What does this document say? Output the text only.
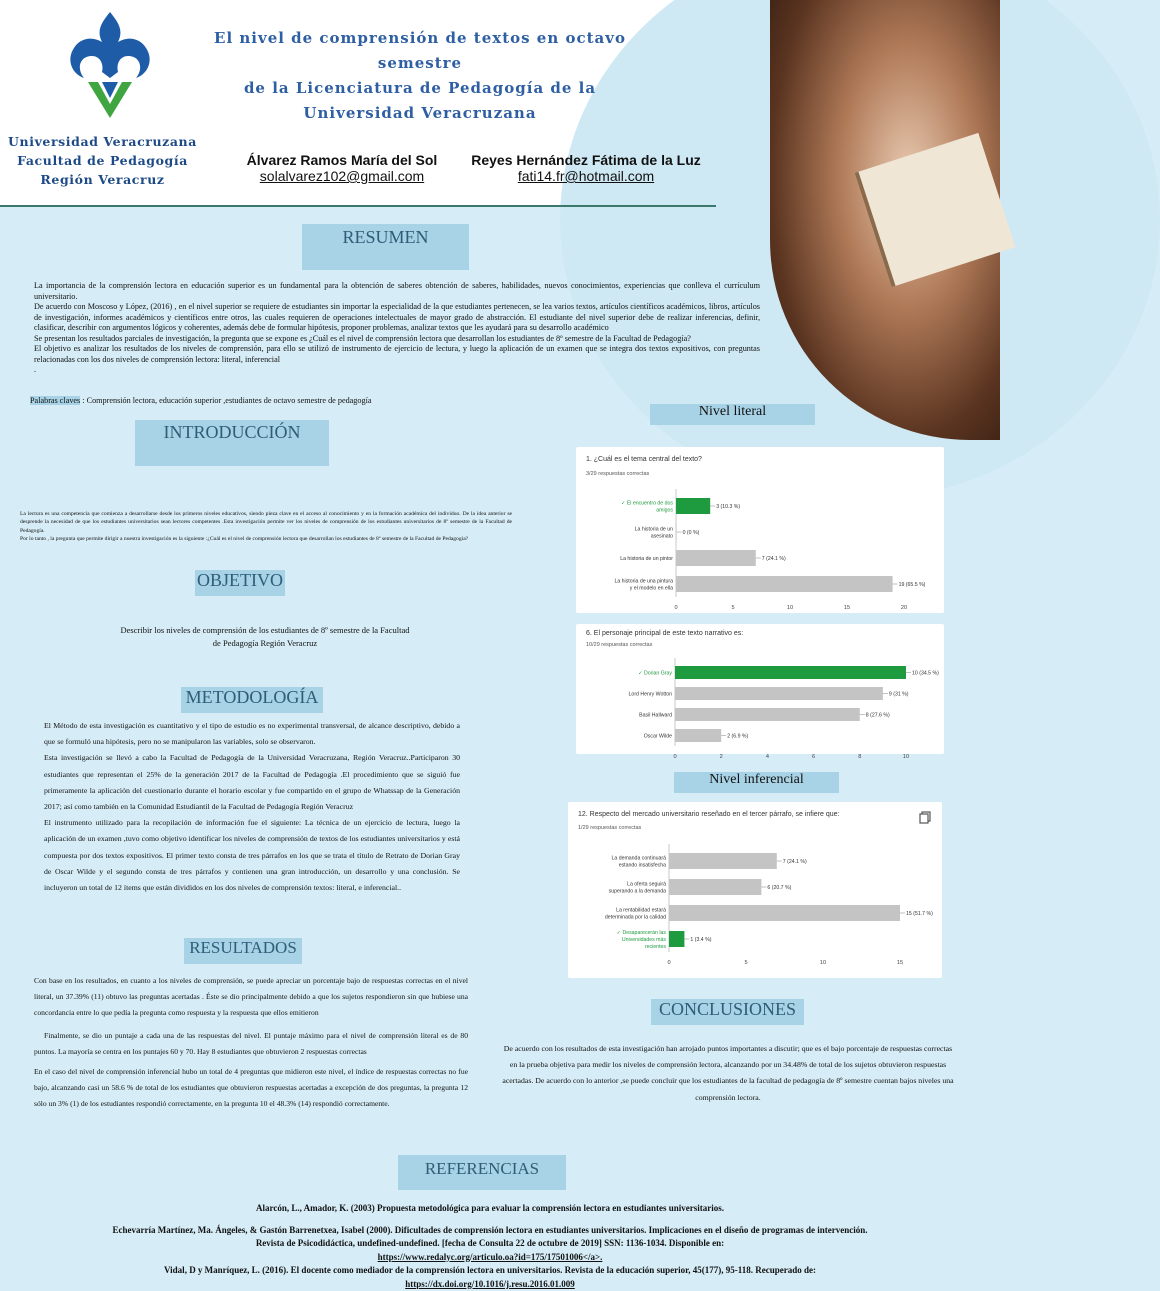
Universidad Veracruzana
Facultad de Pedagogía
Región Veracruz
El nivel de comprensión de textos en octavo semestre
de la Licenciatura de Pedagogía de la
Universidad Veracruzana
Álvarez Ramos María del Sol
solalvarez102@gmail.com
Reyes Hernández Fátima de la Luz
fati14.fr@hotmail.com
RESUMEN

La importancia de la comprensión lectora en educación superior es un fundamental para la obtención de saberes obtención de saberes, habilidades, nuevos conocimientos, experiencias que conlleva el currículum universitario.

De acuerdo con Moscoso y López, (2016) , en el nivel superior se requiere de estudiantes sin importar la especialidad de la que estudiantes pertenecen, se lea varios textos, artículos científicos académicos, libros, artículos de investigación, informes académicos y científicos entre otros, las cuales requieren de operaciones intelectuales de mayor grado de abstracción. El estudiante del nivel superior debe de realizar inferencias, definir, clasificar, describir con argumentos lógicos y coherentes, además debe de formular hipótesis, proponer problemas, analizar textos que les ayudará para su desarrollo académico

Se presentan los resultados parciales de investigación, la pregunta que se expone es ¿Cuál es el nivel de comprensión lectora que desarrollan los estudiantes de 8º semestre de la Facultad de Pedagogía?

El objetivo es analizar los resultados de los niveles de comprensión, para ello se utilizó de instrumento de ejercicio de lectura, y luego la aplicación de un examen que se integra dos textos expositivos, con preguntas relacionadas con los dos niveles de comprensión lectora: literal, inferencial

.

Palabras claves : Comprensión lectora, educación superior ,estudiantes de octavo semestre de pedagogía
INTRODUCCIÓN

La lectura es una competencia que comienza a desarrollarse desde los primeros niveles educativos, siendo pieza clave en el acceso al conocimiento y en la formación académica del individuo. De la idea anterior se desprende la necesidad de que los estudiantes universitarios sean lectores competentes .Esta investigación permite ver los niveles de comprensión de los estudiantes universitarios de 8º semestre de la Facultad de Pedagogía.

Por lo tanto , la pregunta que permite dirigir a nuestra investigación es la siguiente :¿Cuál es el nivel de comprensión lectora que desarrollan los estudiantes de 8º semestre de la Facultad de Pedagogía?

OBJETIVO
Describir los niveles de comprensión de los estudiantes de 8º semestre de la Facultad
de Pedagogía Región Veracruz
METODOLOGÍA

El Método de esta investigación es cuantitativo y el tipo de estudio es no experimental transversal, de alcance descriptivo, debido a que se formuló una hipótesis, pero no se manipularon las variables, solo se observaron.

Esta investigación se llevó a cabo la Facultad de Pedagogía de la Universidad Veracruzana, Región Veracruz..Participaron 30 estudiantes que representan el 25% de la generación 2017 de la Facultad de Pedagogía .El procedimiento que se siguió fue primeramente la aplicación del cuestionario durante el horario escolar y fue compartido en el grupo de Whatssap de la Generación 2017; así como también en la Comunidad Estudiantil de la Facultad de Pedagogía Región Veracruz

El instrumento utilizado para la recopilación de información fue el siguiente: La técnica de un ejercicio de lectura, luego la aplicación de un examen ,tuvo como objetivo identificar los niveles de comprensión de textos de los estudiantes universitarios y está compuesta por dos textos expositivos. El primer texto consta de tres párrafos en los que se trata el título de Retrato de Dorian Gray de Oscar Wilde y el segundo consta de tres párrafos y contienen una gran introducción, un desarrollo y una conclusión. Se incluyeron un total de 12 ítems que están divididos en los dos niveles de comprensión textos: literal, e inferencial..

RESULTADOS

Con base en los resultados, en cuanto a los niveles de comprensión, se puede apreciar un porcentaje bajo de respuestas correctas en el nivel literal, un 37.39% (11) obtuvo las preguntas acertadas . Éste se dio principalmente debido a que los sujetos respondieron sin que hubiese una concordancia entre lo que pedía la pregunta como respuesta y la respuesta que ellos emitieron

Finalmente, se dio un puntaje a cada una de las respuestas del nivel. El puntaje máximo para el nivel de comprensión literal es de 80 puntos. La mayoría se centra en los puntajes 60 y 70. Hay 8 estudiantes que obtuvieron 2 respuestas correctas

En el caso del nivel de comprensión inferencial hubo un total de 4 preguntas que midieron este nivel, el índice de respuestas correctas no fue bajo, alcanzando casi un 58.6 % de total de los estudiantes que obtuvieron respuestas acertadas a excepción de dos preguntas, la pregunta 12 sólo un 3% (1) de los estudiantes respondió correctamente, en la pregunta 10 el 48.3% (14) respondió correctamente.

Nivel literal
1. ¿Cuál es el tema central del texto?
3/29 respuestas correctas
✓ El encuentro de dos
amigos
3 (10.3 %)
La historia de un
asesinato
0 (0 %)
La historia de un pintor	7 (24.1 %)
La historia de una pintura
y el modelo en ella
19 (65.5 %)
0	5	10	15	20
6. El personaje principal de este texto narrativo es:
10/29 respuestas correctas
✓ Dorian Gray	10 (34.5 %)
Lord Henry Wotton	9 (31 %)
Basil Hallward	8 (27.6 %)
Oscar Wilde	2 (6.9 %)
0	2	4	6	8	10
Nivel inferencial
12. Respecto del mercado universitario reseñado en el tercer párrafo, se infiere que:
1/29 respuestas correctas
La demanda continuará
estando insatisfecha
7 (24.1 %)
La oferta seguirá
superando a la demanda
6 (20.7 %)
La rentabilidad estará
determinada por la calidad
15 (51.7 %)
✓ Desaparecerán las
Universidades más
recientes
1 (3.4 %)
0	5	10	15
CONCLUSIONES

De acuerdo con los resultados de esta investigación han arrojado puntos importantes a discutir; que es el bajo porcentaje de respuestas correctas en la prueba objetiva para medir los niveles de comprensión lectora, alcanzando por un 34.48% de total de los sujetos obtuvieron respuestas acertadas. De acuerdo con lo anterior ,se puede concluir que los estudiantes de la facultad de pedagogía de 8º semestre cuentan bajos niveles una comprensión lectora.

REFERENCIAS

Alarcón, L., Amador, K. (2003) Propuesta metodológica para evaluar la comprensión lectora en estudiantes universitarios.

Echevarría Martínez, Ma. Ángeles, & Gastón Barrenetxea, Isabel (2000). Dificultades de comprensión lectora en estudiantes universitarios. Implicaciones en el diseño de programas de intervención. Revista de Psicodidáctica, undefined-undefined. [fecha de Consulta 22 de octubre de 2019] SSN: 1136-1034. Disponible en:

https://www.redalyc.org/articulo.oa?id=175/17501006</a>.

Vidal, D y Manríquez, L. (2016). El docente como mediador de la comprensión lectora en universitarios. Revista de la educación superior, 45(177), 95-118. Recuperado de:

https://dx.doi.org/10.1016/j.resu.2016.01.009
